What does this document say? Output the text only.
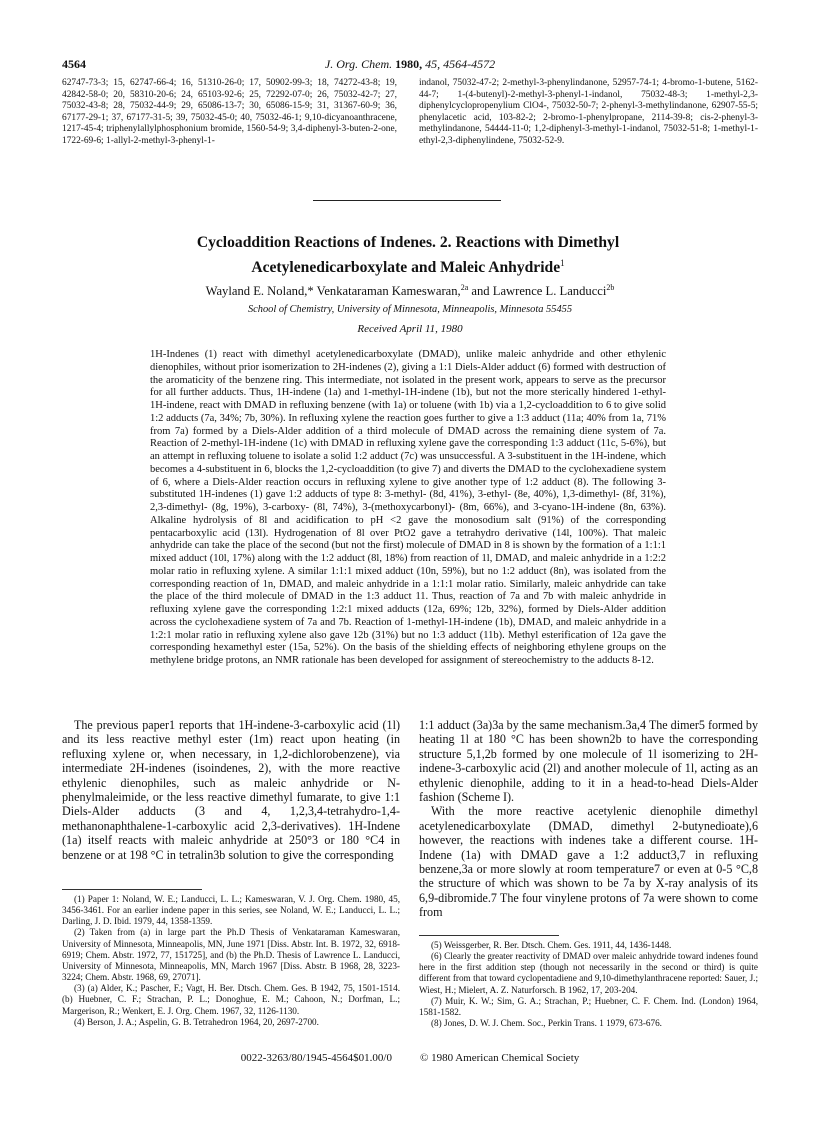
4564	J. Org. Chem. 1980, 45, 4564-4572
62747-73-3; 15, 62747-66-4; 16, 51310-26-0; 17, 50902-99-3; 18, 74272-43-8; 19, 42842-58-0; 20, 58310-20-6; 24, 65103-92-6; 25, 72292-07-0; 26, 75032-42-7; 27, 75032-43-8; 28, 75032-44-9; 29, 65086-13-7; 30, 65086-15-9; 31, 31367-60-9; 36, 67177-29-1; 37, 67177-31-5; 39, 75032-45-0; 40, 75032-46-1; 9,10-dicyanoanthracene, 1217-45-4; triphenylallylphosphonium bromide, 1560-54-9; 3,4-diphenyl-3-buten-2-one, 1722-69-6; 1-allyl-2-methyl-3-phenyl-1-
indanol, 75032-47-2; 2-methyl-3-phenylindanone, 52957-74-1; 4-bromo-1-butene, 5162-44-7; 1-(4-butenyl)-2-methyl-3-phenyl-1-indanol, 75032-48-3; 1-methyl-2,3-diphenylcyclopropenylium ClO4-, 75032-50-7; 2-phenyl-3-methylindanone, 62907-55-5; phenylacetic acid, 103-82-2; 2-bromo-1-phenylpropane, 2114-39-8; cis-2-phenyl-3-methylindanone, 54444-11-0; 1,2-diphenyl-3-methyl-1-indanol, 75032-51-8; 1-methyl-1-ethyl-2,3-diphenylindene, 75032-52-9.
Cycloaddition Reactions of Indenes. 2. Reactions with Dimethyl
Acetylenedicarboxylate and Maleic Anhydride$^1$
Wayland E. Noland,* Venkataraman Kameswaran,$^{2a}$ and Lawrence L. Landucci$^{2b}$
School of Chemistry, University of Minnesota, Minneapolis, Minnesota 55455
Received April 11, 1980
1H-Indenes (1) react with dimethyl acetylenedicarboxylate (DMAD), unlike maleic anhydride and other ethylenic dienophiles, without prior isomerization to 2H-indenes (2), giving a 1:1 Diels-Alder adduct (6) formed with destruction of the aromaticity of the benzene ring. This intermediate, not isolated in the present work, appears to serve as the precursor for all further adducts. Thus, 1H-indene (1a) and 1-methyl-1H-indene (1b), but not the more sterically hindered 1-ethyl-1H-indene, react with DMAD in refluxing benzene (with 1a) or toluene (with 1b) via a 1,2-cycloaddition to 6 to give solid 1:2 adducts (7a, 34%; 7b, 30%). In refluxing xylene the reaction goes further to give a 1:3 adduct (11a; 40% from 1a, 71% from 7a) formed by a Diels-Alder addition of a third molecule of DMAD across the remaining diene system of 7a. Reaction of 2-methyl-1H-indene (1c) with DMAD in refluxing xylene gave the corresponding 1:3 adduct (11c, 5-6%), but an attempt in refluxing toluene to isolate a solid 1:2 adduct (7c) was unsuccessful. A 3-substituent in the 1H-indene, which becomes a 4-substituent in 6, blocks the 1,2-cycloaddition (to give 7) and diverts the DMAD to the cyclohexadiene system of 6, where a Diels-Alder reaction occurs in refluxing xylene to give another type of 1:2 adduct (8). The following 3-substituted 1H-indenes (1) gave 1:2 adducts of type 8: 3-methyl- (8d, 41%), 3-ethyl- (8e, 40%), 1,3-dimethyl- (8f, 31%), 2,3-dimethyl- (8g, 19%), 3-carboxy- (8l, 74%), 3-(methoxycarbonyl)- (8m, 66%), and 3-cyano-1H-indene (8n, 63%). Alkaline hydrolysis of 8l and acidification to pH <2 gave the monosodium salt (91%) of the corresponding pentacarboxylic acid (13l). Hydrogenation of 8l over PtO2 gave a tetrahydro derivative (14l, 100%). That maleic anhydride can take the place of the second (but not the first) molecule of DMAD in 8 is shown by the formation of a 1:1:1 mixed adduct (10l, 17%) along with the 1:2 adduct (8l, 18%) from reaction of 1l, DMAD, and maleic anhydride in a 1:2:2 molar ratio in refluxing xylene. A similar 1:1:1 mixed adduct (10n, 59%), but no 1:2 adduct (8n), was isolated from the corresponding reaction of 1n, DMAD, and maleic anhydride in a 1:1:1 molar ratio. Similarly, maleic anhydride can take the place of the third molecule of DMAD in the 1:3 adduct 11. Thus, reaction of 7a and 7b with maleic anhydride in refluxing xylene gave the corresponding 1:2:1 mixed adducts (12a, 69%; 12b, 32%), formed by Diels-Alder addition across the cyclohexadiene system of 7a and 7b. Reaction of 1-methyl-1H-indene (1b), DMAD, and maleic anhydride in a 1:2:1 molar ratio in refluxing xylene also gave 12b (31%) but no 1:3 adduct (11b). Methyl esterification of 12a gave the corresponding hexamethyl ester (15a, 52%). On the basis of the shielding effects of neighboring ethylene groups on the methylene bridge protons, an NMR rationale has been developed for assignment of stereochemistry to the adducts 8-12.

The previous paper1 reports that 1H-indene-3-carboxylic acid (1l) and its less reactive methyl ester (1m) react upon heating (in refluxing xylene or, when necessary, in 1,2-dichlorobenzene), via intermediate 2H-indenes (isoindenes, 2), with the more reactive ethylenic dienophiles, such as maleic anhydride or N-phenylmaleimide, or the less reactive dimethyl fumarate, to give 1:1 Diels-Alder adducts (3 and 4, 1,2,3,4-tetrahydro-1,4-methanonaphthalene-1-carboxylic acid 2,3-derivatives). 1H-Indene (1a) itself reacts with maleic anhydride at 250°3 or 180 °C4 in benzene or at 198 °C in tetralin3b solution to give the corresponding

1:1 adduct (3a)3a by the same mechanism.3a,4 The dimer5 formed by heating 1l at 180 °C has been shown2b to have the corresponding structure 5,1,2b formed by one molecule of 1l isomerizing to 2H-indene-3-carboxylic acid (2l) and another molecule of 1l, acting as an ethylenic dienophile, adding to it in a head-to-head Diels-Alder fashion (Scheme I).

With the more reactive acetylenic dienophile dimethyl acetylenedicarboxylate (DMAD, dimethyl 2-butynedioate),6 however, the reactions with indenes take a different course. 1H-Indene (1a) with DMAD gave a 1:2 adduct3,7 in refluxing benzene,3a or more slowly at room temperature7 or even at 0-5 °C,8 the structure of which was shown to be 7a by X-ray analysis of its 6,9-dibromide.7 The four vinylene protons of 7a were shown to come from

(1) Paper 1: Noland, W. E.; Landucci, L. L.; Kameswaran, V. J. Org. Chem. 1980, 45, 3456-3461. For an earlier indene paper in this series, see Noland, W. E.; Landucci, L. L.; Darling, J. D. Ibid. 1979, 44, 1358-1359.

(2) Taken from (a) in large part the Ph.D Thesis of Venkataraman Kameswaran, University of Minnesota, Minneapolis, MN, June 1971 [Diss. Abstr. Int. B. 1972, 32, 6918-6919; Chem. Abstr. 1972, 77, 151725], and (b) the Ph.D. Thesis of Lawrence L. Landucci, University of Minnesota, Minneapolis, MN, March 1967 [Diss. Abstr. B 1968, 28, 3223-3224; Chem. Abstr. 1968, 69, 27071].

(3) (a) Alder, K.; Pascher, F.; Vagt, H. Ber. Dtsch. Chem. Ges. B 1942, 75, 1501-1514. (b) Huebner, C. F.; Strachan, P. L.; Donoghue, E. M.; Cahoon, N.; Dorfman, L.; Margerison, R.; Wenkert, E. J. Org. Chem. 1967, 32, 1126-1130.

(4) Berson, J. A.; Aspelin, G. B. Tetrahedron 1964, 20, 2697-2700.

(5) Weissgerber, R. Ber. Dtsch. Chem. Ges. 1911, 44, 1436-1448.

(6) Clearly the greater reactivity of DMAD over maleic anhydride toward indenes found here in the first addition step (though not necessarily in the second or third) is quite different from that toward cyclopentadiene and 9,10-dimethylanthracene reported: Sauer, J.; Wiest, H.; Mielert, A. Z. Naturforsch. B 1962, 17, 203-204.

(7) Muir, K. W.; Sim, G. A.; Strachan, P.; Huebner, C. F. Chem. Ind. (London) 1964, 1581-1582.

(8) Jones, D. W. J. Chem. Soc., Perkin Trans. 1 1979, 673-676.

0022-3263/80/1945-4564$01.00/0	© 1980 American Chemical Society
